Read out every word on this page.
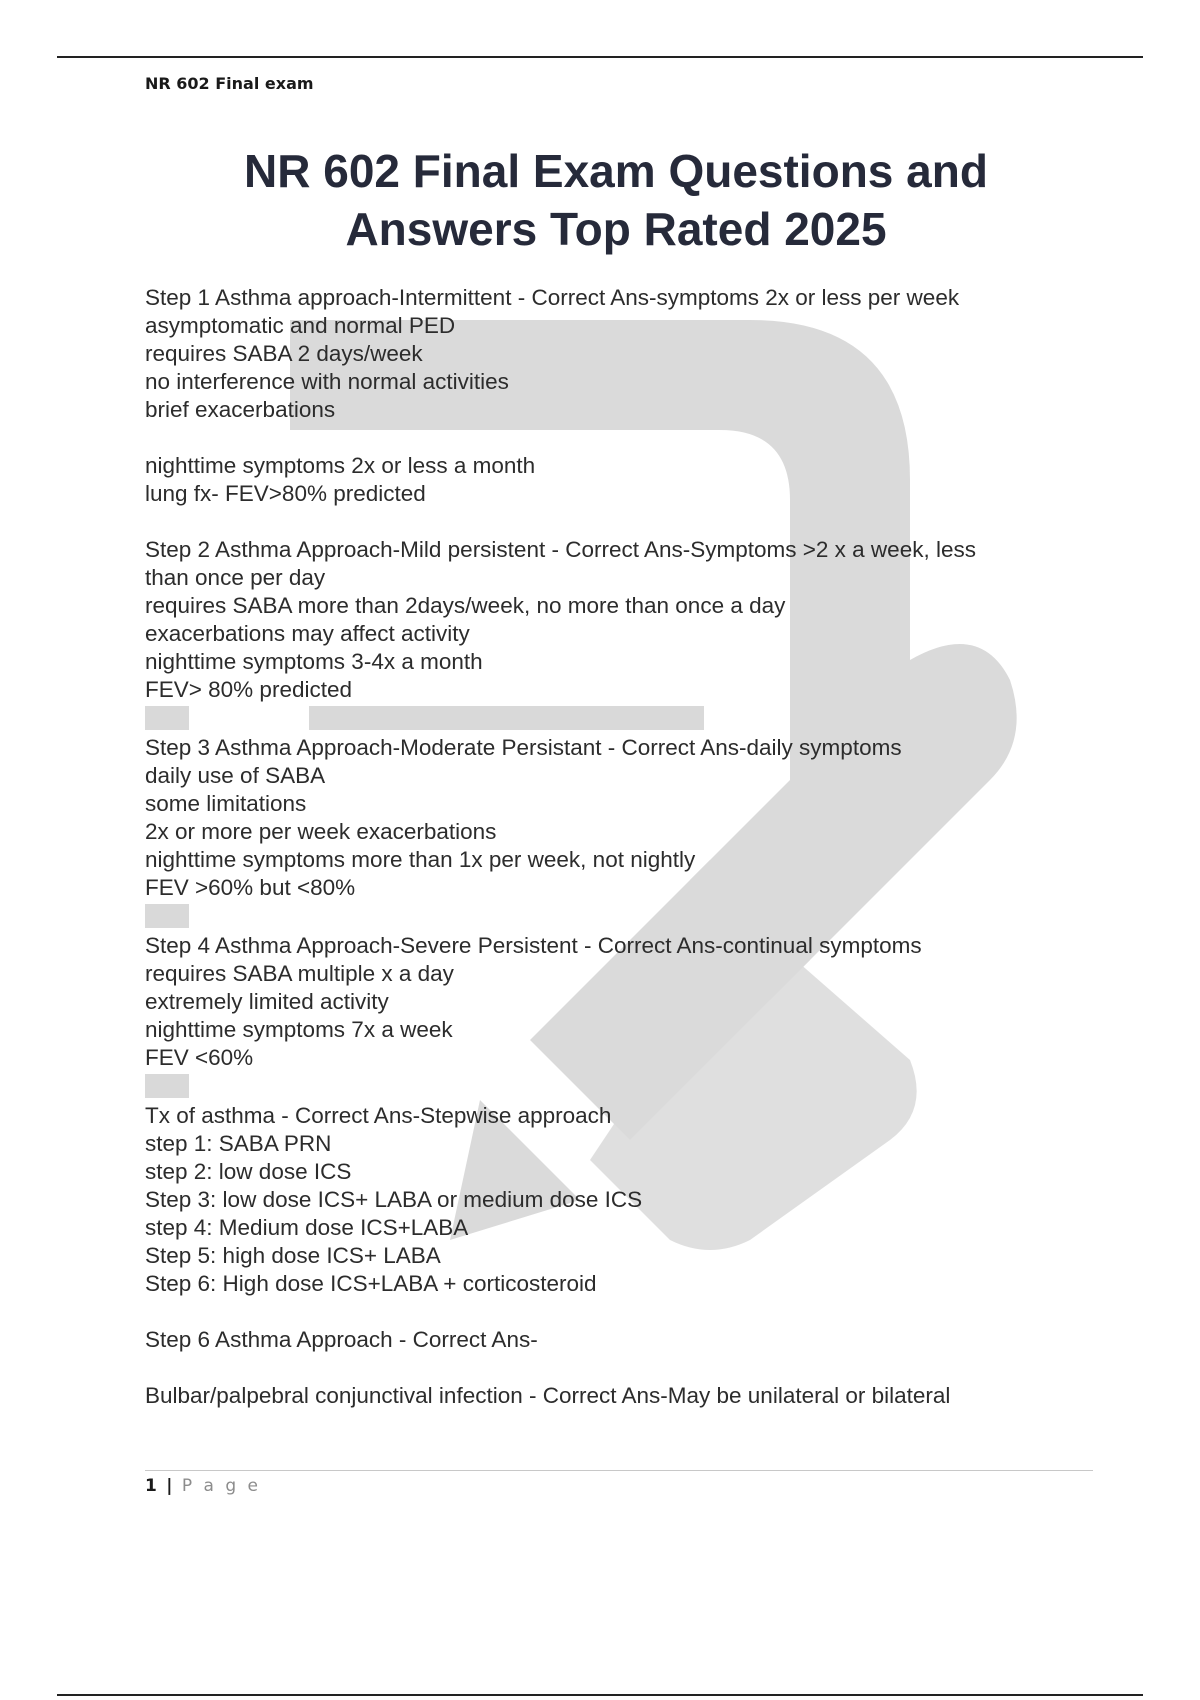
NR 602 Final exam
NR 602 Final Exam Questions and
Answers Top Rated 2025
Step 1 Asthma approach-Intermittent - Correct Ans-symptoms 2x or less per week
asymptomatic and normal PED
requires SABA 2 days/week
no interference with normal activities
brief exacerbations
nighttime symptoms 2x or less a month
lung fx- FEV>80% predicted
Step 2 Asthma Approach-Mild persistent - Correct Ans-Symptoms >2 x a week, less
than once per day
requires SABA more than 2days/week, no more than once a day
exacerbations may affect activity
nighttime symptoms 3-4x a month
FEV> 80% predicted
Step 3 Asthma Approach-Moderate Persistant - Correct Ans-daily symptoms
daily use of SABA
some limitations
2x or more per week exacerbations
nighttime symptoms more than 1x per week, not nightly
FEV >60% but <80%
Step 4 Asthma Approach-Severe Persistent - Correct Ans-continual symptoms
requires SABA multiple x a day
extremely limited activity
nighttime symptoms 7x a week
FEV <60%
Tx of asthma - Correct Ans-Stepwise approach
step 1: SABA PRN
step 2: low dose ICS
Step 3: low dose ICS+ LABA or medium dose ICS
step 4: Medium dose ICS+LABA
Step 5: high dose ICS+ LABA
Step 6: High dose ICS+LABA + corticosteroid
Step 6 Asthma Approach - Correct Ans-
Bulbar/palpebral conjunctival infection - Correct Ans-May be unilateral or bilateral
1 | P a g e
